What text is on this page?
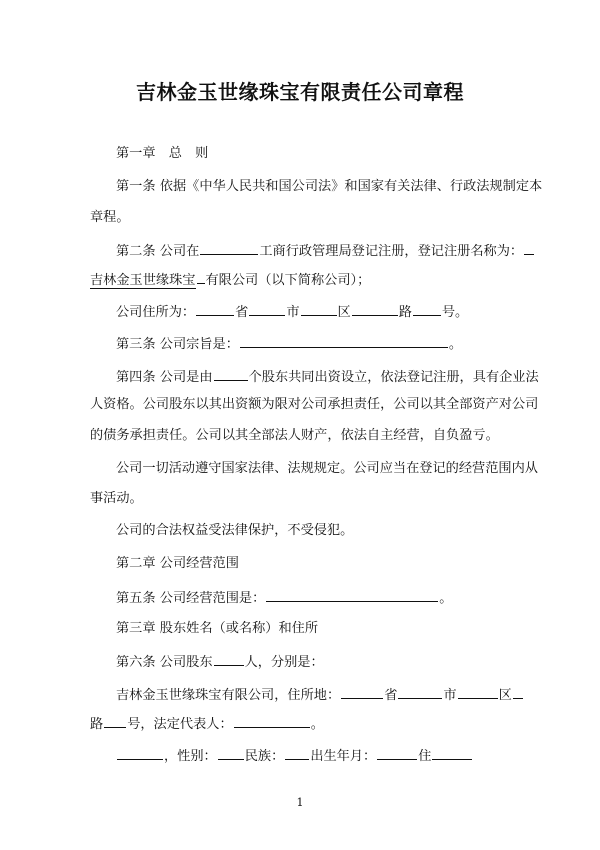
吉林金玉世缘珠宝有限责任公司章程
第一章　总　则
第一条 依据《中华人民共和国公司法》和国家有关法律、行政法规制定本
章程。
第二条 公司在	工商行政管理局登记注册，登记注册名称为：
吉林金玉世缘珠宝 有限公司（以下简称公司）；
公司住所为：	省	市	区	路 号。
第三条 公司宗旨是：	。
第四条 公司是由	个股东共同出资设立，依法登记注册，具有企业法
人资格。公司股东以其出资额为限对公司承担责任，公司以其全部资产对公司
的债务承担责任。公司以其全部法人财产，依法自主经营，自负盈亏。
公司一切活动遵守国家法律、法规规定。公司应当在登记的经营范围内从
事活动。
公司的合法权益受法律保护，不受侵犯。
第二章 公司经营范围
第五条 公司经营范围是：	。
第三章 股东姓名（或名称）和住所
第六条 公司股东 人，分别是：
吉林金玉世缘珠宝有限公司，住所地：	省	市	区
路 号，法定代表人：	。
，性别： 民族： 出生年月：	住
1
